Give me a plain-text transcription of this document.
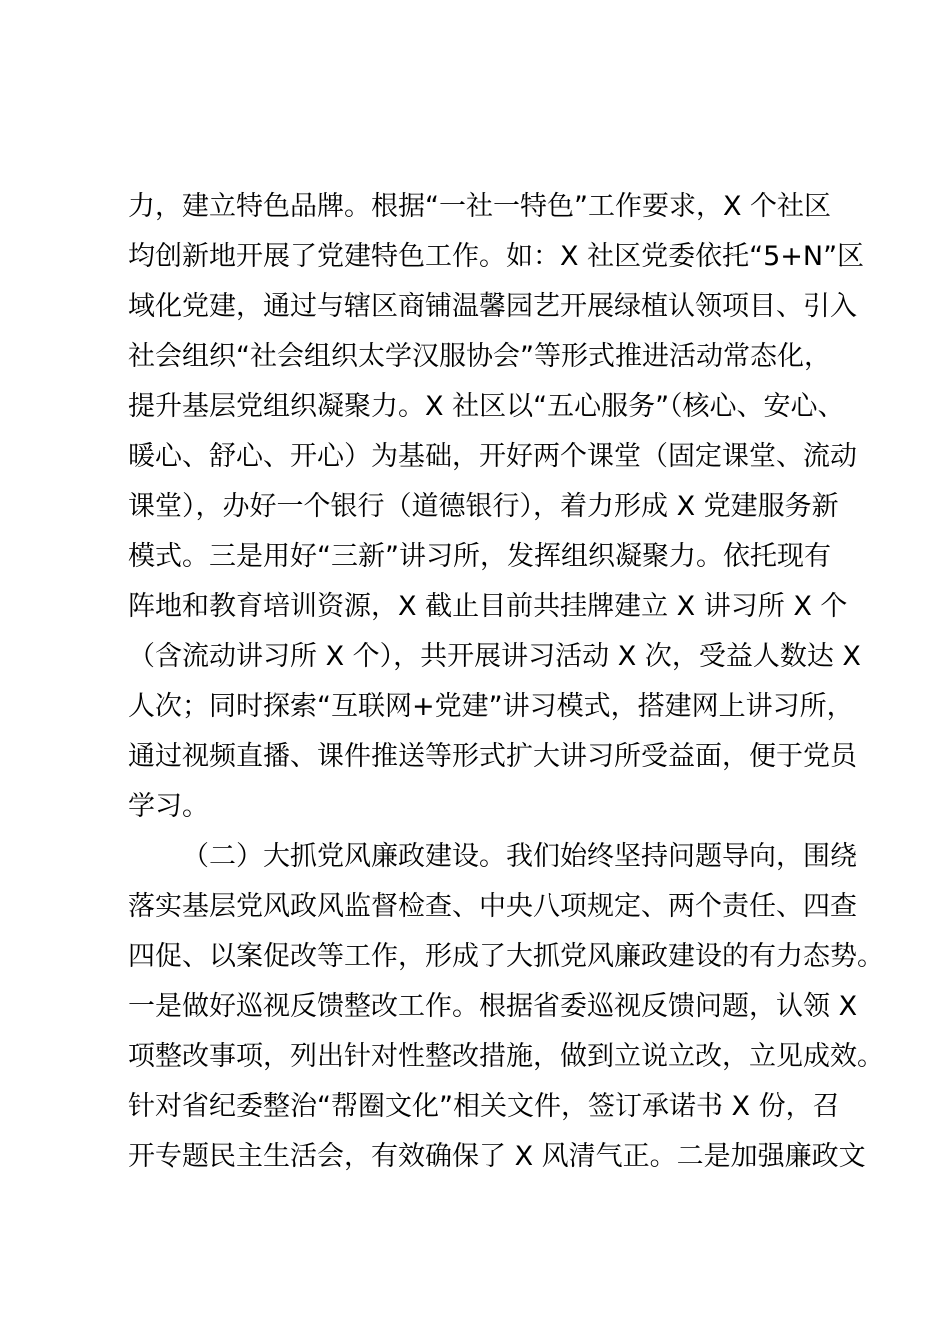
力，建立特色品牌。根据“一社一特色”工作要求，X 个社区
均创新地开展了党建特色工作。如：X 社区党委依托“5+N”区
域化党建，通过与辖区商铺温馨园艺开展绿植认领项目、引入
社会组织“社会组织太学汉服协会”等形式推进活动常态化，
提升基层党组织凝聚力。X 社区以“五心服务”（核心、安心、
暖心、舒心、开心）为基础，开好两个课堂（固定课堂、流动
课堂），办好一个银行（道德银行），着力形成 X 党建服务新
模式。三是用好“三新”讲习所，发挥组织凝聚力。依托现有
阵地和教育培训资源，X 截止目前共挂牌建立 X 讲习所 X 个
（含流动讲习所 X 个），共开展讲习活动 X 次，受益人数达 X
人次；同时探索“互联网+党建”讲习模式，搭建网上讲习所，
通过视频直播、课件推送等形式扩大讲习所受益面，便于党员
学习。
（二）大抓党风廉政建设。我们始终坚持问题导向，围绕
落实基层党风政风监督检查、中央八项规定、两个责任、四查
四促、以案促改等工作，形成了大抓党风廉政建设的有力态势。
一是做好巡视反馈整改工作。根据省委巡视反馈问题，认领 X
项整改事项，列出针对性整改措施，做到立说立改，立见成效。
针对省纪委整治“帮圈文化”相关文件，签订承诺书 X 份，召
开专题民主生活会，有效确保了 X 风清气正。二是加强廉政文
